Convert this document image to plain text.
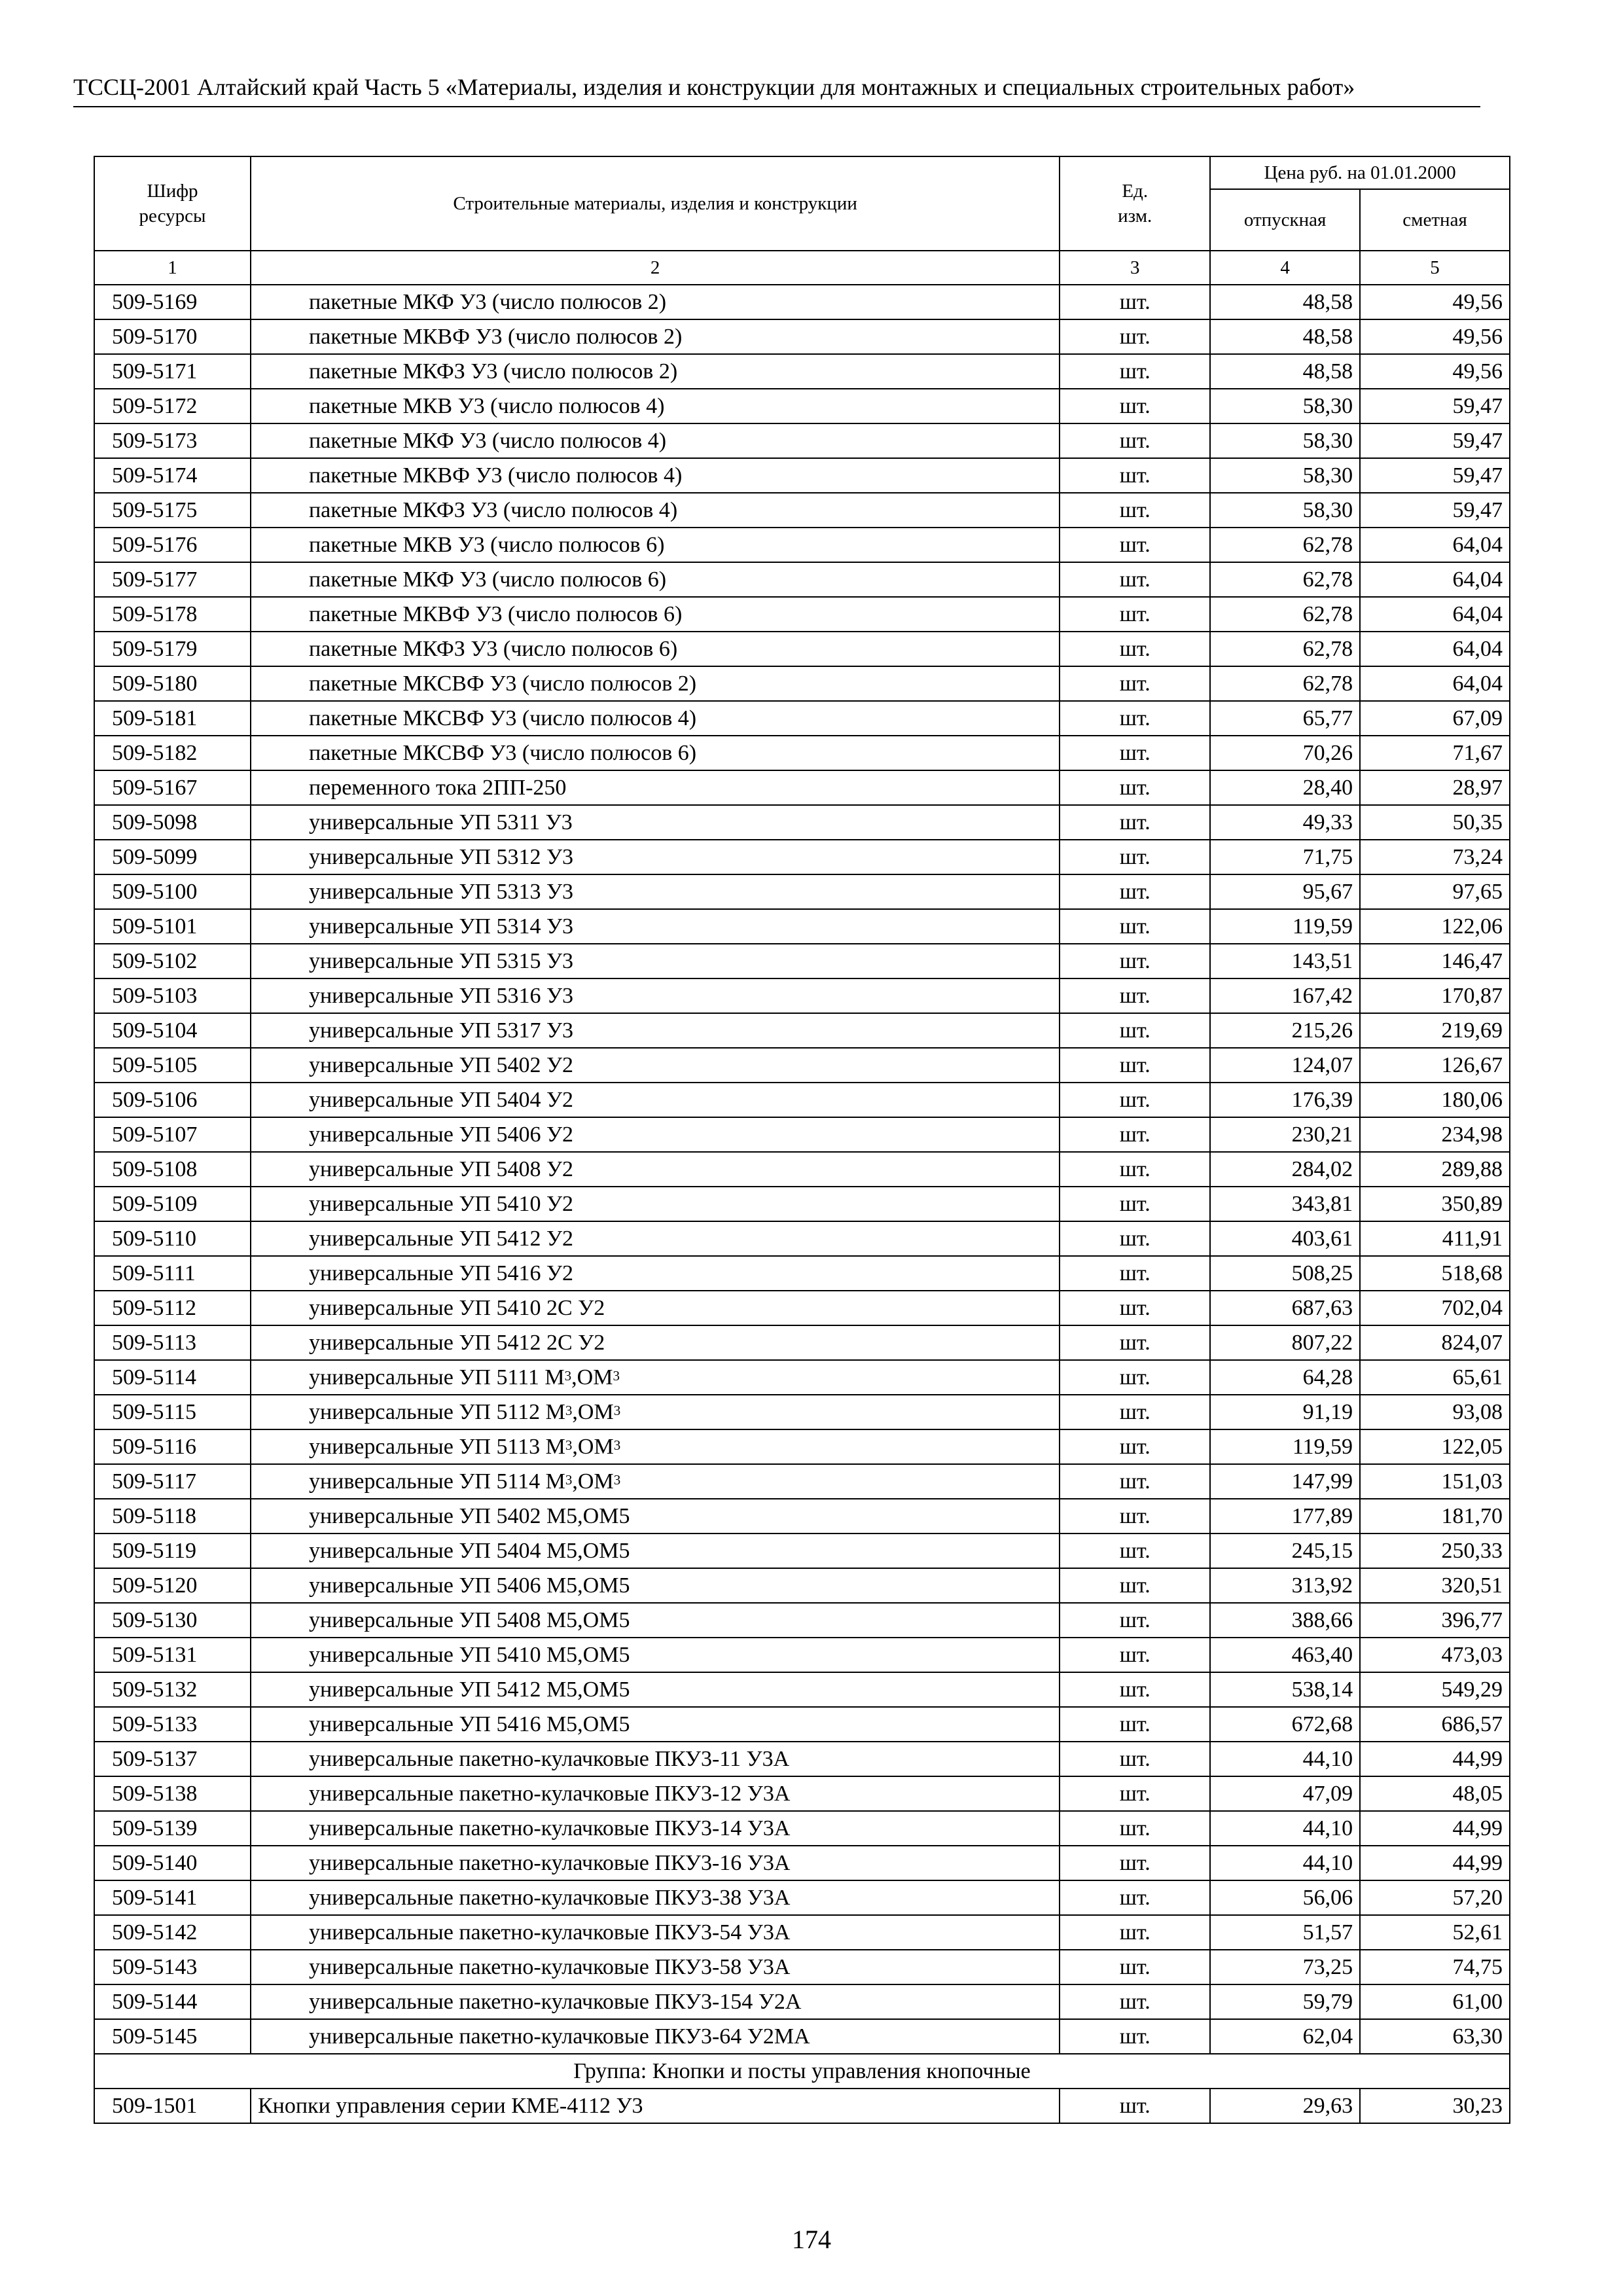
ТССЦ-2001 Алтайский край Часть 5 «Материалы, изделия и конструкции для монтажных и специальных строительных работ»
Шифр ресурсы	Строительные материалы, изделия и конструкции	Ед. изм.	Цена руб. на 01.01.2000	
			отпускная	сметная
1	2	3	4	5
509-5169	пакетные МКФ У3 (число полюсов 2)	шт.	48,58	49,56
509-5170	пакетные МКВФ У3 (число полюсов 2)	шт.	48,58	49,56
509-5171	пакетные МКФЗ У3 (число полюсов 2)	шт.	48,58	49,56
509-5172	пакетные МКВ У3 (число полюсов 4)	шт.	58,30	59,47
509-5173	пакетные МКФ У3 (число полюсов 4)	шт.	58,30	59,47
509-5174	пакетные МКВФ У3 (число полюсов 4)	шт.	58,30	59,47
509-5175	пакетные МКФЗ У3 (число полюсов 4)	шт.	58,30	59,47
509-5176	пакетные МКВ У3 (число полюсов 6)	шт.	62,78	64,04
509-5177	пакетные МКФ У3 (число полюсов 6)	шт.	62,78	64,04
509-5178	пакетные МКВФ У3 (число полюсов 6)	шт.	62,78	64,04
509-5179	пакетные МКФЗ У3 (число полюсов 6)	шт.	62,78	64,04
509-5180	пакетные МКСВФ У3 (число полюсов 2)	шт.	62,78	64,04
509-5181	пакетные МКСВФ У3 (число полюсов 4)	шт.	65,77	67,09
509-5182	пакетные МКСВФ У3 (число полюсов 6)	шт.	70,26	71,67
509-5167	переменного тока 2ПП-250	шт.	28,40	28,97
509-5098	универсальные УП 5311 У3	шт.	49,33	50,35
509-5099	универсальные УП 5312 У3	шт.	71,75	73,24
509-5100	универсальные УП 5313 У3	шт.	95,67	97,65
509-5101	универсальные УП 5314 У3	шт.	119,59	122,06
509-5102	универсальные УП 5315 У3	шт.	143,51	146,47
509-5103	универсальные УП 5316 У3	шт.	167,42	170,87
509-5104	универсальные УП 5317 У3	шт.	215,26	219,69
509-5105	универсальные УП 5402 У2	шт.	124,07	126,67
509-5106	универсальные УП 5404 У2	шт.	176,39	180,06
509-5107	универсальные УП 5406 У2	шт.	230,21	234,98
509-5108	универсальные УП 5408 У2	шт.	284,02	289,88
509-5109	универсальные УП 5410 У2	шт.	343,81	350,89
509-5110	универсальные УП 5412 У2	шт.	403,61	411,91
509-5111	универсальные УП 5416 У2	шт.	508,25	518,68
509-5112	универсальные УП 5410 2С У2	шт.	687,63	702,04
509-5113	универсальные УП 5412 2С У2	шт.	807,22	824,07
509-5114	универсальные УП 5111 $М^3,ОМ^3$	шт.	64,28	65,61
509-5115	универсальные УП 5112 $М^3,ОМ^3$	шт.	91,19	93,08
509-5116	универсальные УП 5113 $М^3,ОМ^3$	шт.	119,59	122,05
509-5117	универсальные УП 5114 $М^3,ОМ^3$	шт.	147,99	151,03
509-5118	универсальные УП 5402 М5,ОМ5	шт.	177,89	181,70
509-5119	универсальные УП 5404 М5,ОМ5	шт.	245,15	250,33
509-5120	универсальные УП 5406 М5,ОМ5	шт.	313,92	320,51
509-5130	универсальные УП 5408 М5,ОМ5	шт.	388,66	396,77
509-5131	универсальные УП 5410 М5,ОМ5	шт.	463,40	473,03
509-5132	универсальные УП 5412 М5,ОМ5	шт.	538,14	549,29
509-5133	универсальные УП 5416 М5,ОМ5	шт.	672,68	686,57
509-5137	универсальные пакетно-кулачковые ПКУ3-11 У3А	шт.	44,10	44,99
509-5138	универсальные пакетно-кулачковые ПКУ3-12 У3А	шт.	47,09	48,05
509-5139	универсальные пакетно-кулачковые ПКУ3-14 У3А	шт.	44,10	44,99
509-5140	универсальные пакетно-кулачковые ПКУ3-16 У3А	шт.	44,10	44,99
509-5141	универсальные пакетно-кулачковые ПКУ3-38 У3А	шт.	56,06	57,20
509-5142	универсальные пакетно-кулачковые ПКУ3-54 У3А	шт.	51,57	52,61
509-5143	универсальные пакетно-кулачковые ПКУ3-58 У3А	шт.	73,25	74,75
509-5144	универсальные пакетно-кулачковые ПКУ3-154 У2А	шт.	59,79	61,00
509-5145	универсальные пакетно-кулачковые ПКУ3-64 У2МА	шт.	62,04	63,30
Группа: Кнопки и посты управления кнопочные				
509-1501	Кнопки управления серии КМЕ-4112 У3	шт.	29,63	30,23
174
